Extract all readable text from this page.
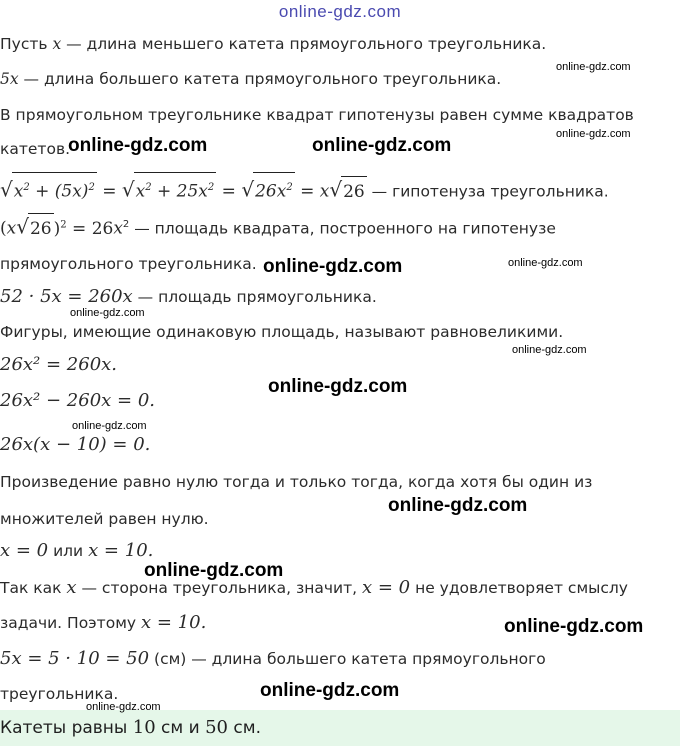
online-gdz.com
Пусть x — длина меньшего катета прямоугольного треугольника.
5x — длина большего катета прямоугольного треугольника.
В прямоугольном треугольнике квадрат гипотенузы равен сумме квадратов
катетов.
$√x^2 + (5x)^2 = √x^2 + 25x^2 = √26x^2 = x√26$ — гипотенуза треугольника.
(x√26 )$^2 = 26x^2$ — площадь квадрата, построенного на гипотенузе
прямоугольного треугольника.
52 · 5x = 260x — площадь прямоугольника.
Фигуры, имеющие одинаковую площадь, называют равновеликими.
26x² = 260x.
26x² − 260x = 0.
26x(x − 10) = 0.
Произведение равно нулю тогда и только тогда, когда хотя бы один из
множителей равен нулю.
x = 0 или x = 10.
Так как x — сторона треугольника, значит, x = 0 не удовлетворяет смыслу
задачи. Поэтому x = 10.
5x = 5 · 10 = 50 (см) — длина большего катета прямоугольного
треугольника.
Катеты равны 10 см и 50 см.
online-gdz.com	online-gdz.com
online-gdz.com
online-gdz.com
online-gdz.com
online-gdz.com
online-gdz.com
online-gdz.com
online-gdz.com
online-gdz.com
online-gdz.com
online-gdz.com
online-gdz.com
online-gdz.com
online-gdz.com
